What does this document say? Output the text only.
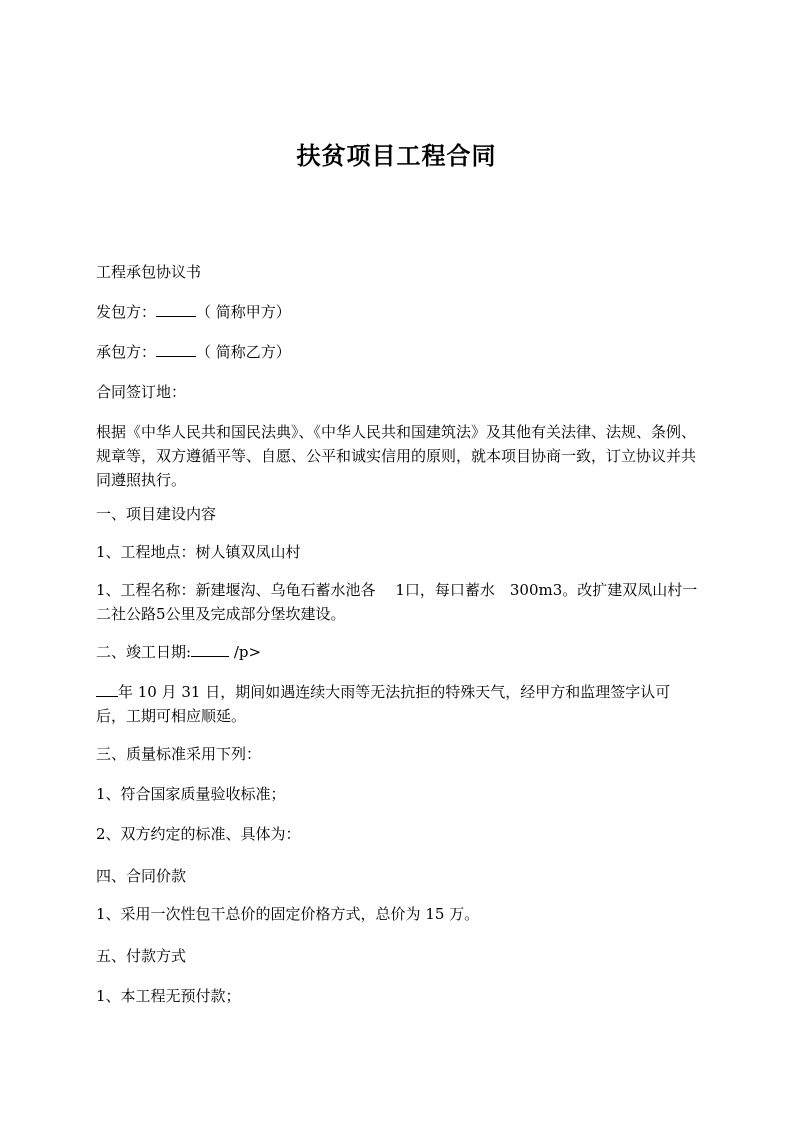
扶贫项目工程合同
工程承包协议书
发包方：	（ 简称甲方）
承包方：	（ 简称乙方）
合同签订地：
根据《中华人民共和国民法典》、《中华人民共和国建筑法》及其他有关法律、法规、条例、规章等，双方遵循平等、自愿、公平和诚实信用的原则，就本项目协商一致，订立协议并共同遵照执行。
一、项目建设内容
1、工程地点：树人镇双凤山村
1、工程名称：新建堰沟、乌龟石蓄水池各　 1口，每口蓄水　300m3。改扩建双凤山村一二社公路5公里及完成部分堡坎建设。
二、竣工日期:	/p>
年 10 月 31 日，期间如遇连续大雨等无法抗拒的特殊天气，经甲方和监理签字认可后，工期可相应顺延。
三、质量标准采用下列：
1、符合国家质量验收标准；
2、双方约定的标准、具体为：
四、合同价款
1、采用一次性包干总价的固定价格方式，总价为 15 万。
五、付款方式
1、本工程无预付款；
